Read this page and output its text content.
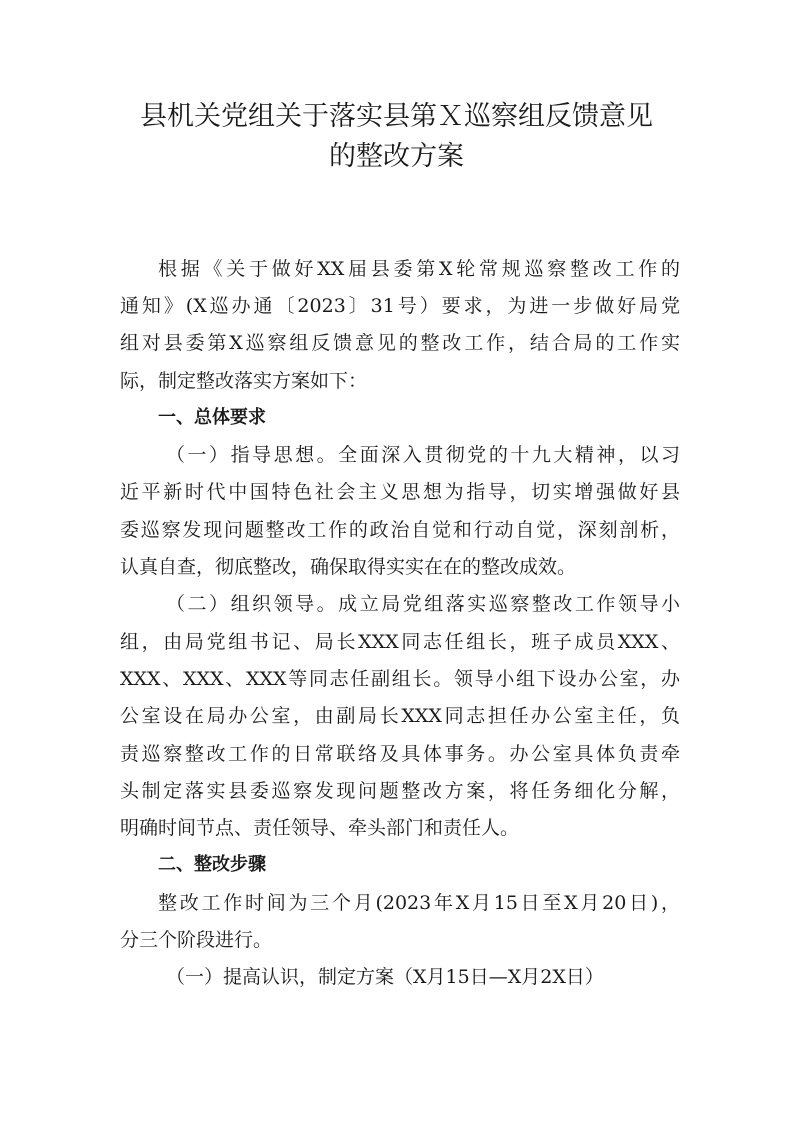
县机关党组关于落实县第Ｘ巡察组反馈意见
的整改方案

根据《关于做好XX届县委第X轮常规巡察整改工作的

通知》(X巡办通〔2023〕31号）要求，为进一步做好局党

组对县委第X巡察组反馈意见的整改工作，结合局的工作实

际，制定整改落实方案如下：

一、总体要求

（一）指导思想。全面深入贯彻党的十九大精神，以习

近平新时代中国特色社会主义思想为指导，切实增强做好县

委巡察发现问题整改工作的政治自觉和行动自觉，深刻剖析，

认真自查，彻底整改，确保取得实实在在的整改成效。

（二）组织领导。成立局党组落实巡察整改工作领导小

组，由局党组书记、局长XXX同志任组长，班子成员XXX、

XXX、XXX、XXX等同志任副组长。领导小组下设办公室，办

公室设在局办公室，由副局长XXX同志担任办公室主任，负

责巡察整改工作的日常联络及具体事务。办公室具体负责牵

头制定落实县委巡察发现问题整改方案，将任务细化分解，

明确时间节点、责任领导、牵头部门和责任人。

二、整改步骤

整改工作时间为三个月(2023年X月15日至X月20日)，

分三个阶段进行。

（一）提高认识，制定方案（X月15日—X月2X日）
